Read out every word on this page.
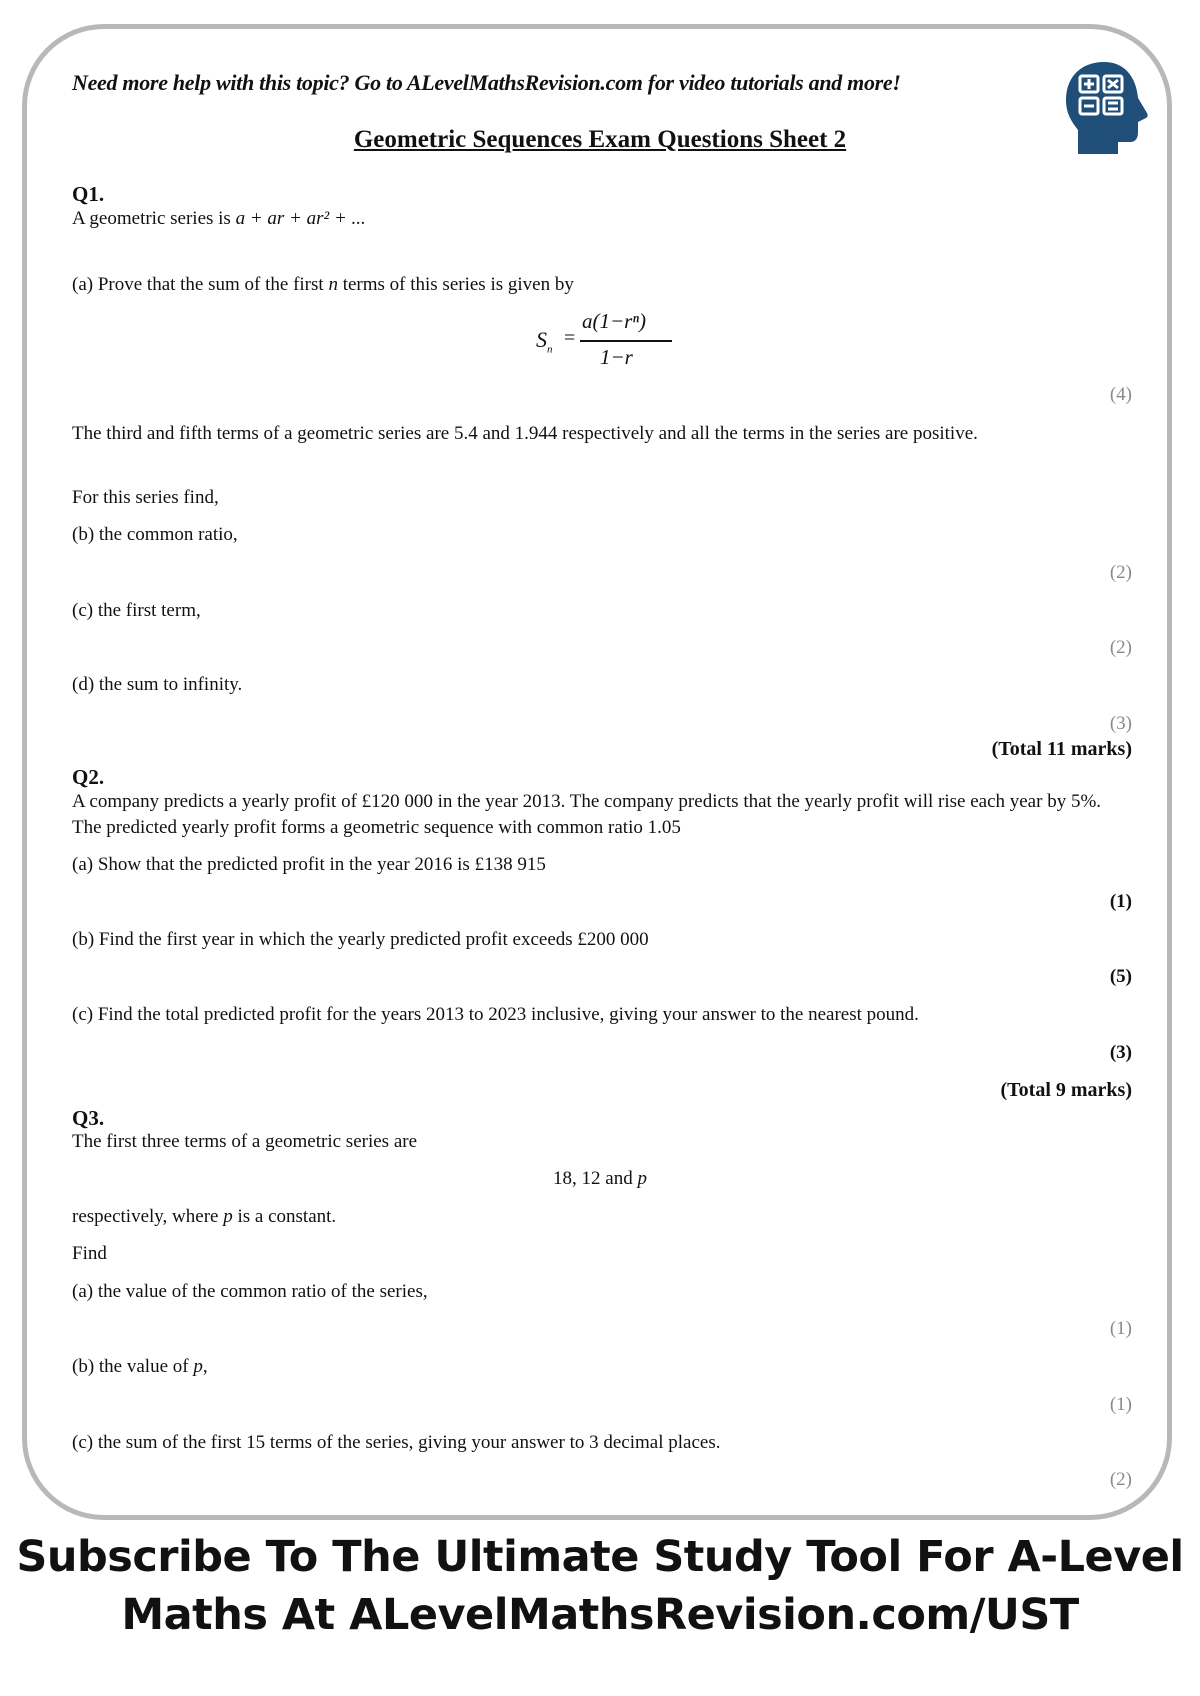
Need more help with this topic? Go to ALevelMathsRevision.com for video tutorials and more!
Geometric Sequences Exam Questions Sheet 2
Q1.
A geometric series is a + ar + ar² + ...
(a) Prove that the sum of the first n terms of this series is given by
$S_n$
=
a(1−rⁿ)
1−r
(4)
The third and fifth terms of a geometric series are 5.4 and 1.944 respectively and all the terms in the series are positive.
For this series find,
(b) the common ratio,
(2)
(c) the first term,
(2)
(d) the sum to infinity.
(3)
(Total 11 marks)
Q2.
A company predicts a yearly profit of £120 000 in the year 2013. The company predicts that the yearly profit will rise each year by 5%. The predicted yearly profit forms a geometric sequence with common ratio 1.05
(a) Show that the predicted profit in the year 2016 is £138 915
(1)
(b) Find the first year in which the yearly predicted profit exceeds £200 000
(5)
(c) Find the total predicted profit for the years 2013 to 2023 inclusive, giving your answer to the nearest pound.
(3)
(Total 9 marks)
Q3.
The first three terms of a geometric series are
18, 12 and p
respectively, where p is a constant.
Find
(a) the value of the common ratio of the series,
(1)
(b) the value of p,
(1)
(c) the sum of the first 15 terms of the series, giving your answer to 3 decimal places.
(2)
Subscribe To The Ultimate Study Tool For A-Level
Maths At ALevelMathsRevision.com/UST
